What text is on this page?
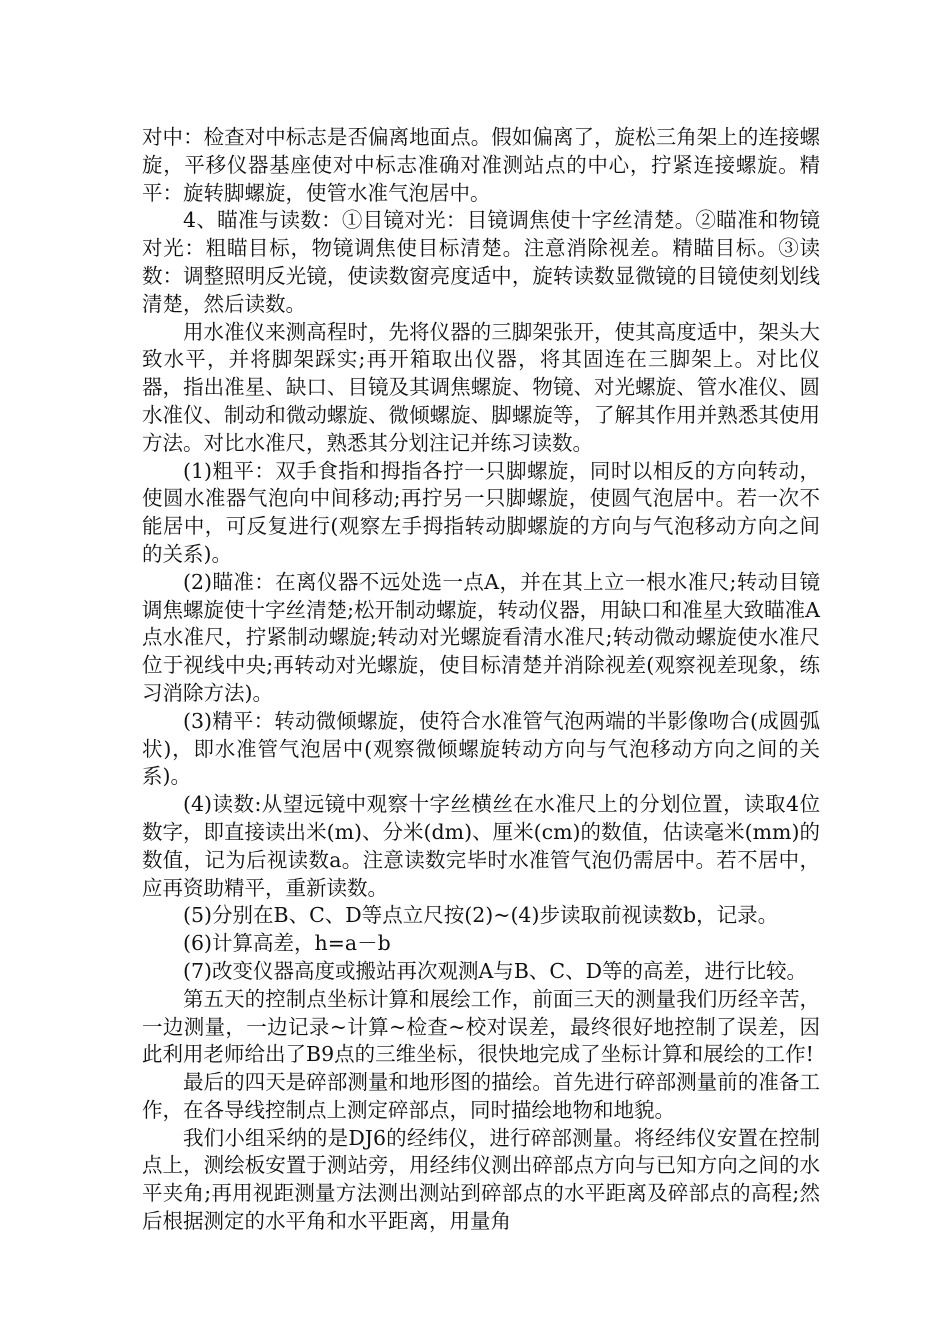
对中：检查对中标志是否偏离地面点。假如偏离了，旋松三角架上的连接螺旋，平移仪器基座使对中标志准确对准测站点的中心，拧紧连接螺旋。精平：旋转脚螺旋，使管水准气泡居中。

4、瞄准与读数：①目镜对光：目镜调焦使十字丝清楚。②瞄准和物镜对光：粗瞄目标，物镜调焦使目标清楚。注意消除视差。精瞄目标。③读数：调整照明反光镜，使读数窗亮度适中，旋转读数显微镜的目镜使刻划线清楚，然后读数。

用水准仪来测高程时，先将仪器的三脚架张开，使其高度适中，架头大致水平，并将脚架踩实;再开箱取出仪器，将其固连在三脚架上。对比仪器，指出准星、缺口、目镜及其调焦螺旋、物镜、对光螺旋、管水准仪、圆水准仪、制动和微动螺旋、微倾螺旋、脚螺旋等，了解其作用并熟悉其使用方法。对比水准尺，熟悉其分划注记并练习读数。

(1)粗平：双手食指和拇指各拧一只脚螺旋，同时以相反的方向转动，使圆水准器气泡向中间移动;再拧另一只脚螺旋，使圆气泡居中。若一次不能居中，可反复进行(观察左手拇指转动脚螺旋的方向与气泡移动方向之间的关系)。

(2)瞄准：在离仪器不远处选一点A，并在其上立一根水准尺;转动目镜调焦螺旋使十字丝清楚;松开制动螺旋，转动仪器，用缺口和准星大致瞄准A点水准尺，拧紧制动螺旋;转动对光螺旋看清水准尺;转动微动螺旋使水准尺位于视线中央;再转动对光螺旋，使目标清楚并消除视差(观察视差现象，练习消除方法)。

(3)精平：转动微倾螺旋，使符合水准管气泡两端的半影像吻合(成圆弧状)，即水准管气泡居中(观察微倾螺旋转动方向与气泡移动方向之间的关系)。

(4)读数:从望远镜中观察十字丝横丝在水准尺上的分划位置，读取4位数字，即直接读出米(m)、分米(dm)、厘米(cm)的数值，估读毫米(mm)的数值，记为后视读数a。注意读数完毕时水准管气泡仍需居中。若不居中，应再资助精平，重新读数。

(5)分别在B、C、D等点立尺按(2)~(4)步读取前视读数b，记录。

(6)计算高差，h=a－b

(7)改变仪器高度或搬站再次观测A与B、C、D等的高差，进行比较。

第五天的控制点坐标计算和展绘工作，前面三天的测量我们历经辛苦，一边测量，一边记录~计算~检查~校对误差，最终很好地控制了误差，因此利用老师给出了B9点的三维坐标，很快地完成了坐标计算和展绘的工作!

最后的四天是碎部测量和地形图的描绘。首先进行碎部测量前的准备工作，在各导线控制点上测定碎部点，同时描绘地物和地貌。

我们小组采纳的是DJ6的经纬仪，进行碎部测量。将经纬仪安置在控制点上，测绘板安置于测站旁，用经纬仪测出碎部点方向与已知方向之间的水平夹角;再用视距测量方法测出测站到碎部点的水平距离及碎部点的高程;然后根据测定的水平角和水平距离，用量角
